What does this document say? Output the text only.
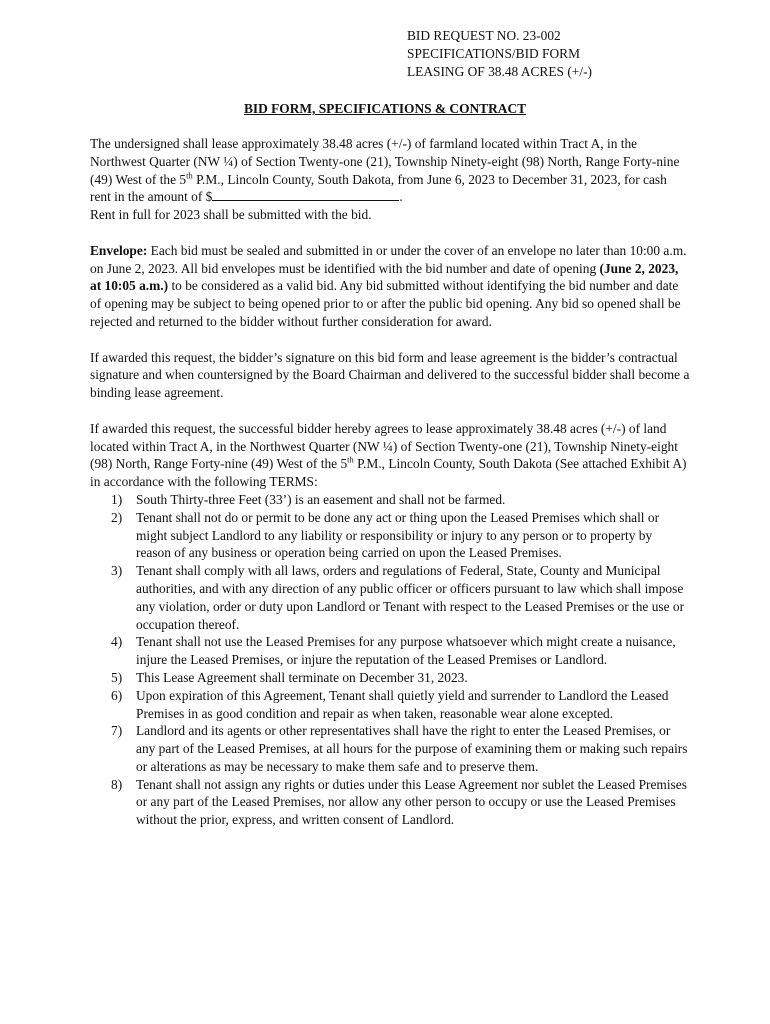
BID REQUEST NO. 23-002
SPECIFICATIONS/BID FORM
LEASING OF 38.48 ACRES (+/-)
BID FORM, SPECIFICATIONS & CONTRACT

The undersigned shall lease approximately 38.48 acres (+/-) of farmland located within Tract A, in the Northwest Quarter (NW ¼) of Section Twenty-one (21), Township Ninety-eight (98) North, Range Forty-nine (49) West of the 5th P.M., Lincoln County, South Dakota, from June 6, 2023 to December 31, 2023, for cash rent in the amount of $	.
Rent in full for 2023 shall be submitted with the bid.

Envelope: Each bid must be sealed and submitted in or under the cover of an envelope no later than 10:00 a.m. on June 2, 2023. All bid envelopes must be identified with the bid number and date of opening (June 2, 2023, at 10:05 a.m.) to be considered as a valid bid. Any bid submitted without identifying the bid number and date of opening may be subject to being opened prior to or after the public bid opening. Any bid so opened shall be rejected and returned to the bidder without further consideration for award.

If awarded this request, the bidder’s signature on this bid form and lease agreement is the bidder’s contractual signature and when countersigned by the Board Chairman and delivered to the successful bidder shall become a binding lease agreement.

If awarded this request, the successful bidder hereby agrees to lease approximately 38.48 acres (+/-) of land located within Tract A, in the Northwest Quarter (NW ¼) of Section Twenty-one (21), Township Ninety-eight (98) North, Range Forty-nine (49) West of the 5th P.M., Lincoln County, South Dakota (See attached Exhibit A) in accordance with the following TERMS:

1) South Thirty-three Feet (33’) is an easement and shall not be farmed.
2) Tenant shall not do or permit to be done any act or thing upon the Leased Premises which shall or might subject Landlord to any liability or responsibility or injury to any person or to property by reason of any business or operation being carried on upon the Leased Premises.
3) Tenant shall comply with all laws, orders and regulations of Federal, State, County and Municipal authorities, and with any direction of any public officer or officers pursuant to law which shall impose any violation, order or duty upon Landlord or Tenant with respect to the Leased Premises or the use or occupation thereof.
4) Tenant shall not use the Leased Premises for any purpose whatsoever which might create a nuisance, injure the Leased Premises, or injure the reputation of the Leased Premises or Landlord.
5) This Lease Agreement shall terminate on December 31, 2023.
6) Upon expiration of this Agreement, Tenant shall quietly yield and surrender to Landlord the Leased Premises in as good condition and repair as when taken, reasonable wear alone excepted.
7) Landlord and its agents or other representatives shall have the right to enter the Leased Premises, or any part of the Leased Premises, at all hours for the purpose of examining them or making such repairs or alterations as may be necessary to make them safe and to preserve them.
8) Tenant shall not assign any rights or duties under this Lease Agreement nor sublet the Leased Premises or any part of the Leased Premises, nor allow any other person to occupy or use the Leased Premises without the prior, express, and written consent of Landlord.
